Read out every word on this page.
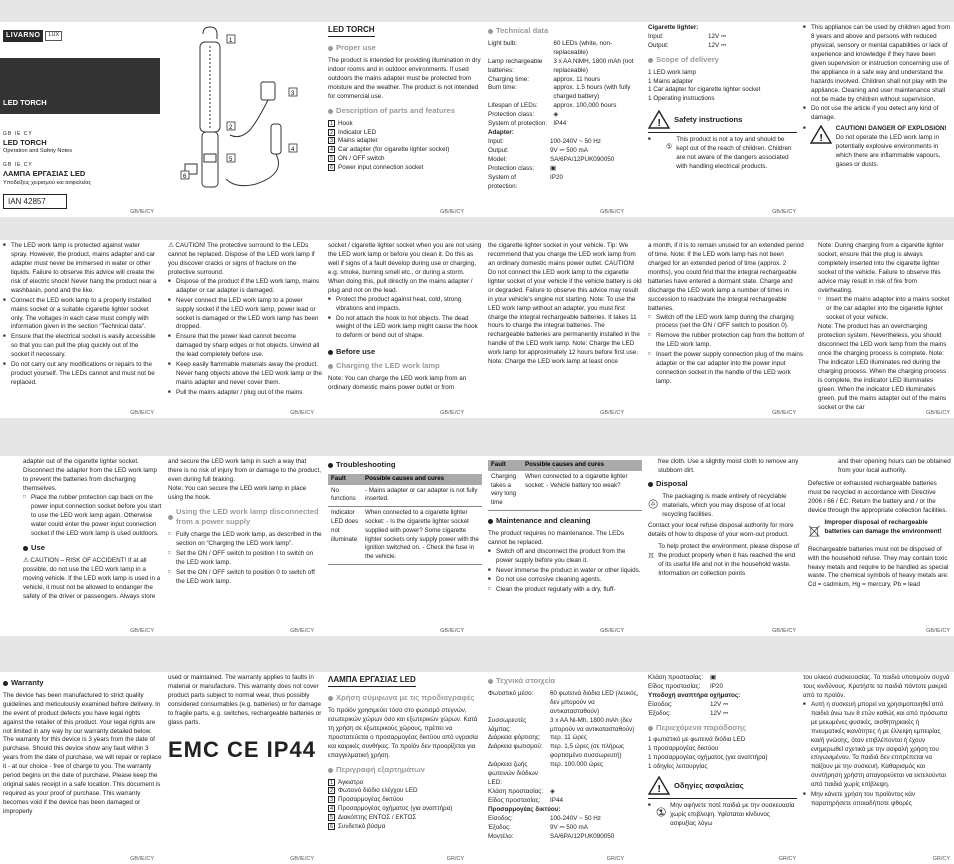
LIVARNO	LUX
LED TORCH
GB IE CY
LED TORCH
Operation and Safety Notes
GB IE CY
ΛΑΜΠΑ ΕΡΓΑΣΙΑΣ LED
Υποδείξεις χειρισμού και ασφαλείας
IAN 42857
1
3
2
4
5
6
LED TORCH
Proper use
The product is intended for providing illumination in dry indoor rooms and in outdoor environments. If used outdoors the mains adapter must be protected from moisture and the weather. The product is not intended for commercial use.
Description of parts and features
1 Hook
2 Indicator LED
3 Mains adapter
4 Car adapter (for cigarette lighter socket)
5 ON / OFF switch
6 Power input connection socket
Technical data
Light bulb:	60 LEDs (white, non-replaceable)
Lamp rechargeable batteries:	3 x AA NiMH, 1800 mAh (not replaceable)
Charging time:	approx. 11 hours
Burn time:	approx. 1.5 hours (with fully charged battery)
Lifespan of LEDs:	approx. 100,000 hours
Protection class:	◈
System of protection:	IP44
Adapter:
Input:	100-240V ~ 50 Hz
Output:	9V ⎓ 500 mA
Model:	SA/6PA/12PUK090050
Protection class:	▣
System of protection:	IP20
Cigarette lighter:
Input:	12V ⎓
Output:	12V ⎓
Scope of delivery
1 LED work lamp
1 Mains adapter
1 Car adapter for cigarette lighter socket
1 Operating instructions
! Safety instructions
This product is not a toy and should be kept out of the reach of children. Children are not aware of the dangers associated with handling electrical products.
■ This appliance can be used by children aged from 8 years and above and persons with reduced physical, sensory or mental capabilities or lack of experience and knowledge if they have been given supervision or instruction concerning use of the appliance in a safe way and understand the hazards involved. Children shall not play with the appliance. Cleaning and user maintenance shall not be made by children without supervision.
■ Do not use the article if you detect any kind of damage.
■
!
CAUTION! DANGER OF EXPLOSION! Do not operate the LED work lamp in potentially explosive environments in which there are inflammable vapours, gases or dusts.
GB/IE/CY	GB/IE/CY	GB/IE/CY	GB/IE/CY
■ The LED work lamp is protected against water spray. However, the product, mains adapter and car adapter must never be immersed in water or other liquids. Failure to observe this advice will create the risk of electric shock! Never hang the product near a washbasin, pond and the like.
■ Connect the LED work lamp to a properly installed mains socket or a suitable cigarette lighter socket only. The voltages in each case must comply with information given in the section “Technical data”.
■ Ensure that the electrical socket is easily accessible so that you can pull the plug quickly out of the socket if necessary.
■ Do not carry out any modifications or repairs to the product yourself. The LEDs cannot and must not be replaced.
⚠ CAUTION! The protective surround to the LEDs cannot be replaced. Dispose of the LED work lamp if you discover cracks or signs of fracture on the protective surround.
■ Dispose of the product if the LED work lamp, mains adapter or car adapter is damaged.
■ Never connect the LED work lamp to a power supply socket if the LED work lamp, power lead or socket is damaged or the LED work lamp has been dropped.
■ Ensure that the power lead cannot become damaged by sharp edges or hot objects. Unwind all the lead completely before use.
■ Keep easily flammable materials away the product. Never hang objects above the LED work lamp or the mains adapter and never cover them.
■ Pull the mains adapter / plug out of the mains
socket / cigarette lighter socket when you are not using the LED work lamp or before you clean it. Do this as well if signs of a fault develop during use or charging, e.g. smoke, burning smell etc., or during a storm. When doing this, pull directly on the mains adapter / plug and not on the lead.
■ Protect the product against heat, cold, strong vibrations and impacts.
■ Do not attach the hook to hot objects. The dead weight of the LED work lamp might cause the hook to deform or bend out of shape.
Before use
Charging the LED work lamp
Note: You can charge the LED work lamp from an ordinary domestic mains power outlet or from
the cigarette lighter socket in your vehicle. Tip: We recommend that you charge the LED work lamp from an ordinary domestic mains power outlet. CAUTION! Do not connect the LED work lamp to the cigarette lighter socket of your vehicle if the vehicle battery is old or degraded. Failure to observe this advice may result in your vehicle's engine not starting. Note: To use the LED work lamp without an adapter, you must first charge the integral rechargeable batteries. It takes 11 hours to charge the integral batteries. The rechargeable batteries are permanently installed in the handle of the LED work lamp. Note: Charge the LED work lamp for approximately 12 hours before first use. Note: Charge the LED work lamp at least once
a month, if it is to remain unused for an extended period of time. Note: If the LED work lamp has not been charged for an extended period of time (approx. 2 months), you could find that the integral rechargeable batteries have entered a dormant state. Charge and discharge the LED work lamp a number of times in succession to reactivate the integral rechargeable batteries.
□ Switch off the LED work lamp during the charging process (set the ON / OFF switch to position 0).
□ Remove the rubber protection cap from the bottom of the LED work lamp.
□ Insert the power supply connection plug of the mains adapter or the car adapter into the power input connection socket in the handle of the LED work lamp.
Note: During charging from a cigarette lighter socket, ensure that the plug is always completely inserted into the cigarette lighter socket of the vehicle. Failure to observe this advice may result in risk of fire from overheating.
□ Insert the mains adapter into a mains socket or the car adapter into the cigarette lighter socket of your vehicle.
Note: The product has an overcharging protection system. Nevertheless, you should disconnect the LED work lamp from the mains once the charging process is complete. Note: The indicator LED illuminates red during the charging process. When the charging process is complete, the indicator LED illuminates green. When the indicator LED illuminates green, pull the mains adapter out of the mains socket or the car
GB/IE/CY	GB/IE/CY	GB/IE/CY	GB/IE/CY	GB/IE/CY	GB/IE/CY
adapter out of the cigarette lighter socket. Disconnect the adapter from the LED work lamp to prevent the batteries from discharging themselves.
□ Place the rubber protection cap back on the power input connection socket before you start to use the LED work lamp again. Otherwise water could enter the power input connection socket if the LED work lamp is used outdoors.
Use
⚠ CAUTION – RISK OF ACCIDENT! If at all possible, do not use the LED work lamp in a moving vehicle. If the LED work lamp is used in a vehicle, it must not be allowed to endanger the safety of the driver or passengers. Always store
and secure the LED work lamp in such a way that there is no risk of injury from or damage to the product, even during full braking.
Note: You can secure the LED work lamp in place using the hook.
Using the LED work lamp disconnected from a power supply
□ Fully charge the LED work lamp, as described in the section on “Charging the LED work lamp”.
□ Set the ON / OFF switch to position I to switch on the LED work lamp.
□ Set the ON / OFF switch to position 0 to switch off the LED work lamp.
Troubleshooting
Fault	Possible causes and cures
No functions	- Mains adapter or car adapter is not fully inserted.
Indicator LED does not illuminate	When connected to a cigarette lighter socket: - Is the cigarette lighter socket supplied with power? Some cigarette lighter sockets only supply power with the ignition switched on. - Check the fuse in the vehicle.
Fault	Possible causes and cures
Charging takes a very long time	When connected to a cigarette lighter socket: - Vehicle battery too weak?
Maintenance and cleaning
The product requires no maintenance. The LEDs cannot be replaced.
■ Switch off and disconnect the product from the power supply before you clean it.
■ Never immerse the product in water or other liquids.
■ Do not use corrosive cleaning agents.
□ Clean the product regularly with a dry, fluff-
free cloth. Use a slightly moist cloth to remove any stubborn dirt.
Disposal
The packaging is made entirely of recyclable materials, which you may dispose of at local recycling facilities.
Contact your local refuse disposal authority for more details of how to dispose of your worn-out product.
To help protect the environment, please dispose of the product properly when it has reached the end of its useful life and not in the household waste. Information on collection points
and their opening hours can be obtained from your local authority.
Defective or exhausted rechargeable batteries must be recycled in accordance with Directive 2006 / 66 / EC. Return the battery and / or the device through the appropriate collection facilities.
Improper disposal of rechargeable batteries can damage the environment!
Rechargeable batteries must not be disposed of with the household refuse. They may contain toxic heavy metals and require to be handled as special waste. The chemical symbols of heavy metals are: Cd = cadmium, Hg = mercury, Pb = lead
GB/IE/CY	GB/IE/CY	GB/IE/CY	GB/IE/CY	GB/IE/CY	GB/IE/CY
Warranty
The device has been manufactured to strict quality guidelines and meticulously examined before delivery. In the event of product defects you have legal rights against the retailer of this product. Your legal rights are not limited in any way by our warranty detailed below. The warranty for this device is 3 years from the date of purchase. Should this device show any fault within 3 years from the date of purchase, we will repair or replace it - at our choice - free of charge to you. The warranty period begins on the date of purchase. Please keep the original sales receipt in a safe location. This document is required as your proof of purchase. This warranty becomes void if the device has been damaged or improperly
used or maintained. The warranty applies to faults in material or manufacture. This warranty does not cover product parts subject to normal wear, thus possibly considered consumables (e.g. batteries) or for damage to fragile parts, e.g. switches, rechargeable batteries or glass parts.
EMC CE IP44
ΛΑΜΠΑ ΕΡΓΑΣΙΑΣ LED
Χρήση σύμφωνα με τις προδιαγραφές
Το προϊόν χρησιμεύει τόσο στο φωτισμό στεγνών, εσωτερικών χώρων όσο και εξωτερικών χώρων. Κατά τη χρήση σε εξωτερικούς χώρους, πρέπει να προστατεύεται ο προσαρμογέας δικτύου από υγρασία και καιρικές συνθήκες. Το προϊόν δεν προορίζεται για επαγγελματική χρήση.
Περιγραφή εξαρτημάτων
1 Άγκιστρο
2 Φωτεινό διόδιο ελέγχου LED
3 Προσαρμογέας δικτύου
4 Προσαρμογέας οχήματος (για αναπτήρα)
5 Διακόπτης ΕΝΤΟΣ / ΕΚΤΟΣ
6 Συνδετικό βύσμα
Τεχνικά στοιχεία
Φωτιστικό μέσο:	60 φωτεινά διόδια LED (λευκός, δεν μπορούν να αντικατασταθούν)
Συσσωρευτές λάμπας:	3 x AA Ni-Mh, 1800 mAh (δεν μπορούν να αντικατασταθούν)
Διάρκεια φόρτισης:	περ. 11 ώρες
Διάρκεια φωτισμού:	περ. 1,5 ώρες (σε πλήρως φορτισμένο συσσωρευτή)
Διάρκεια ζωής φωτεινών διόδιων LED:	περ. 100.000 ώρες
Κλάση προστασίας:	◈
Είδος προστασίας:	IP44
Προσαρμογέας δικτύου:
Είσοδος:	100-240V ~ 50 Hz
Έξοδος:	9V ⎓ 500 mA
Μοντέλο:	SA/6PA/12PUK090050
Κλάση προστασίας:	▣
Είδος προστασίας:	IP20
Υποδοχή αναπτήρα οχήματος:
Είσοδος:	12V ⎓
Έξοδος:	12V ⎓
Περιεχόμενα παράδοσης
1 φωτιστικό με φωτεινά διόδια LED
1 προσαρμογέας δικτύου
1 προσαρμογέας οχήματος (για αναπτήρα)
1 οδηγίες λειτουργίας
! Οδηγίες ασφαλείας
■	Μην αφήνετε ποτέ παιδιά με την συσκευασία χωρίς επιβλεψη. Υφίσταται κίνδυνος ασφυξίας λόγω
του υλικού συσκευασίας. Τα παιδιά υποτιμούν συχνά τους κινδύνους. Κρατήστε τα παιδιά πάντοτε μακριά από το προϊόν.
■ Αυτή η συσκευή μπορεί να χρησιμοποιηθεί από παιδιά άνω των 8 ετών καθώς και από πρόσωπα με μειωμένες φυσικές, αισθητηριακές ή πνευματικές ικανότητες ή με έλλειψη εμπειρίας και/ή γνώσης, όταν επιβλέπονται ή έχουν ενημερωθεί σχετικά με την ασφαλή χρήση του επιγωνιμένου. Τα παιδιά δεν επιτρέπεται να παίζουν με την συσκευή. Καθαρισμός και συντήρηση χρήστη απαγορεύεται να εκτελούνται από παιδιά χωρίς επίβλεψη.
■ Μην κάνετε χρήση του προϊόντος κάν παρατηρήσετε οποιαδήποτε ψθορές
GB/IE/CY	GB/IE/CY	GR/CY	GR/CY	GR/CY	GR/CY
